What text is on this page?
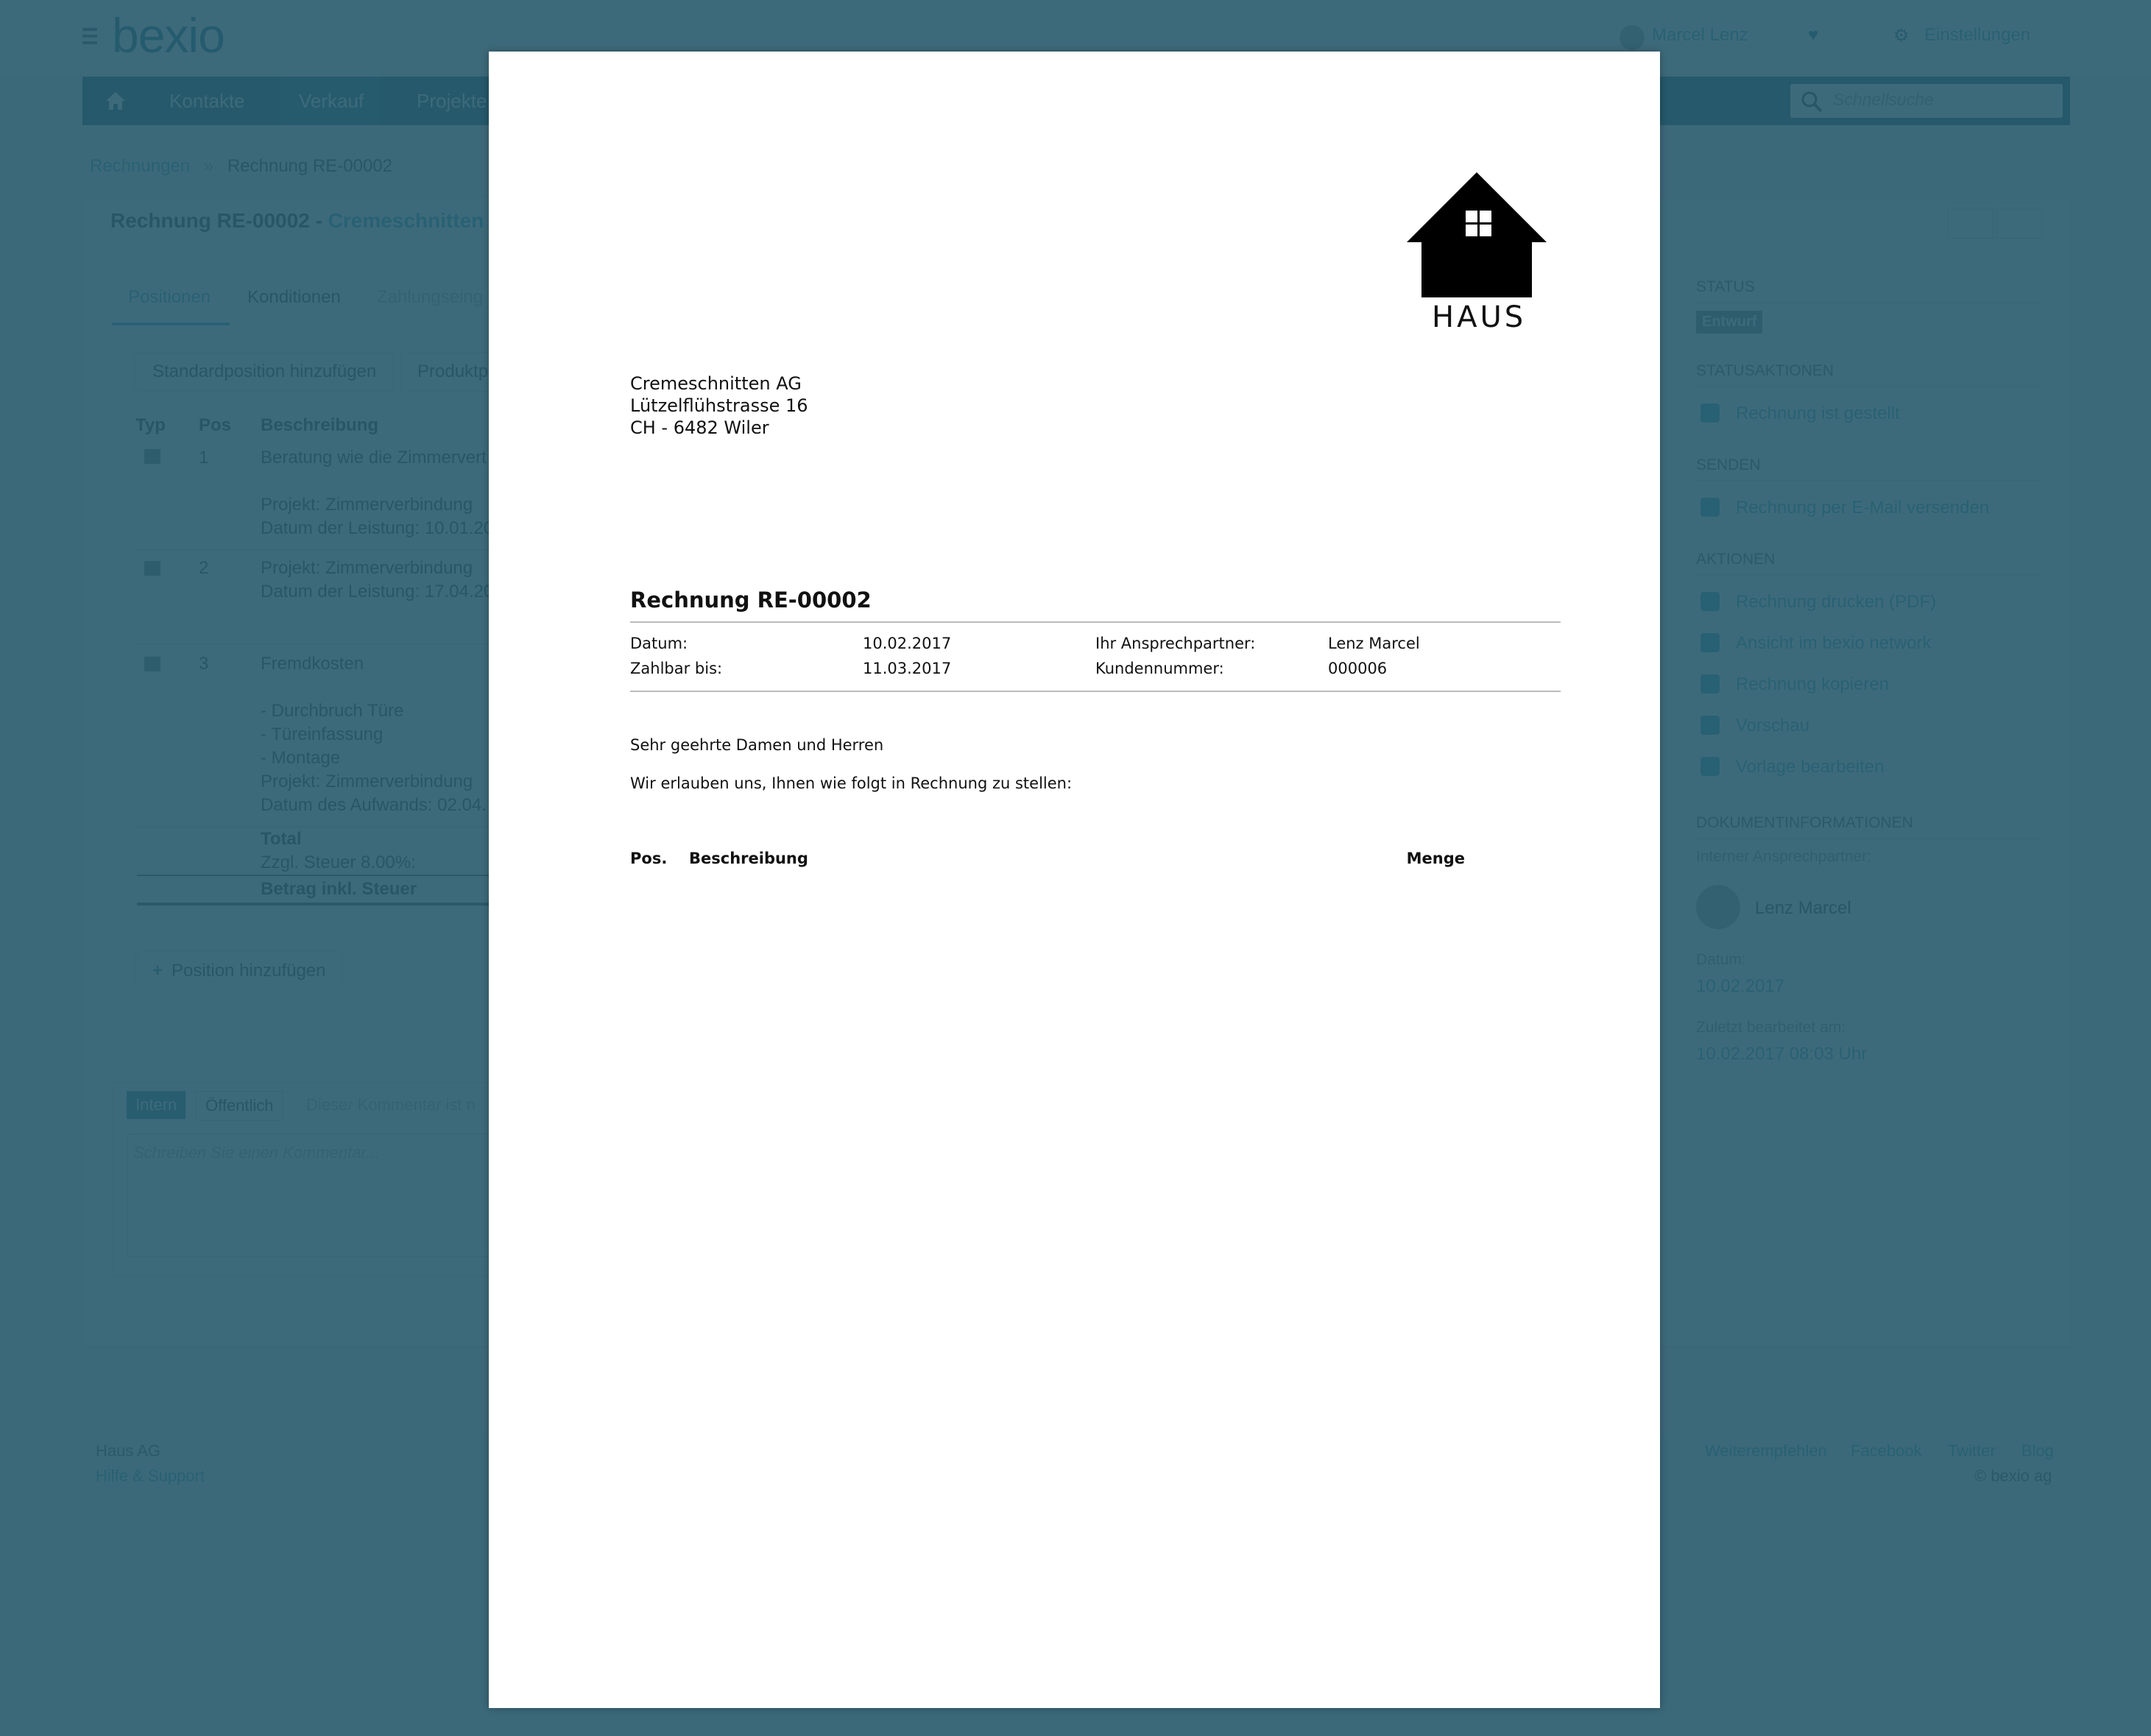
HAUS
Cremeschnitten AG
Lützelflühstrasse 16
CH - 6482 Wiler
Rechnung RE-00002
Datum:	10.02.2017	Ihr Ansprechpartner:	Lenz Marcel
Zahlbar bis:	11.03.2017	Kundennummer:	000006
Sehr geehrte Damen und Herren
Wir erlauben uns, Ihnen wie folgt in Rechnung zu stellen:
Pos. Beschreibung	Menge
